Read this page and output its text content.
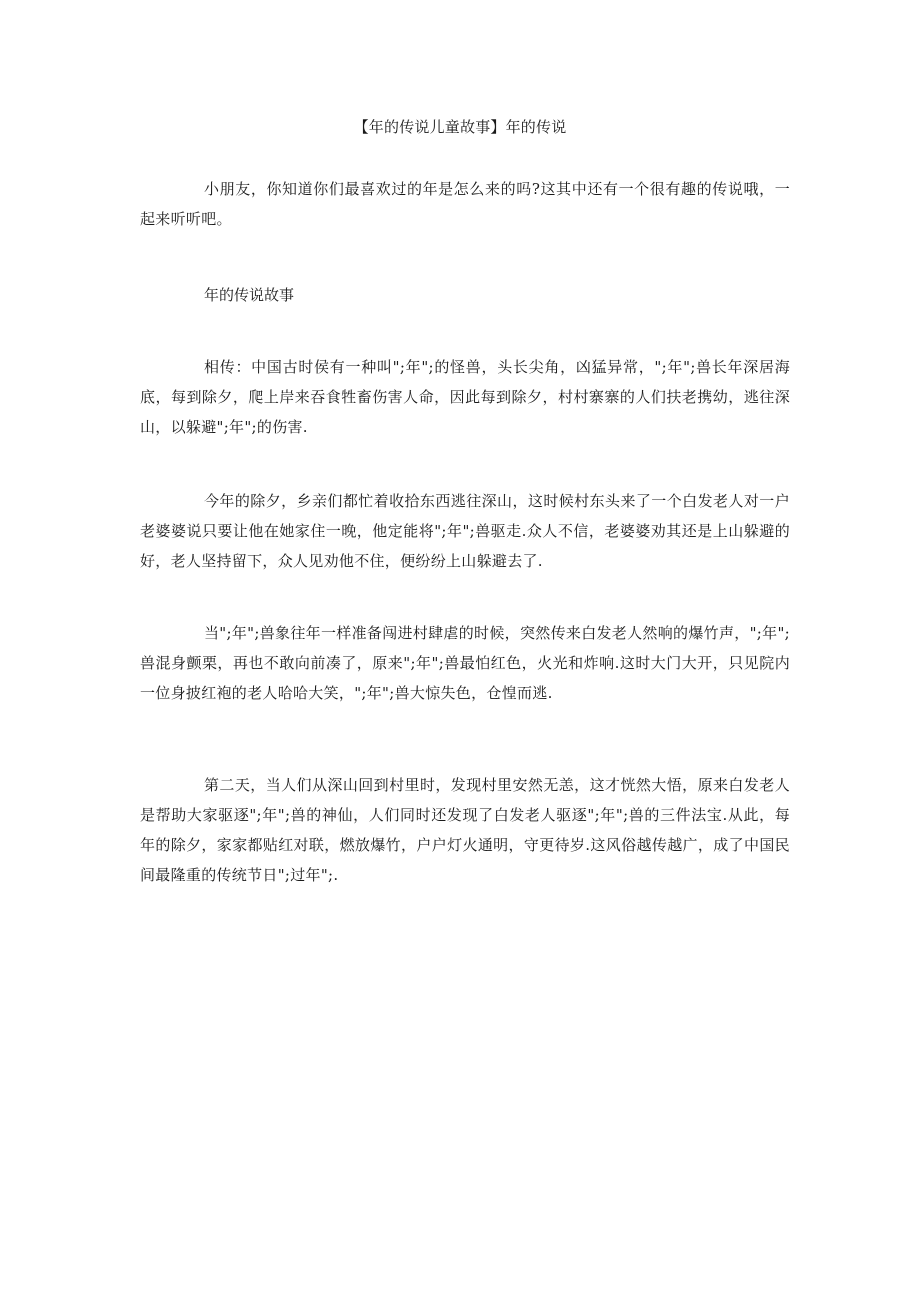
【年的传说儿童故事】年的传说

小朋友，你知道你们最喜欢过的年是怎么来的吗?这其中还有一个很有趣的传说哦，一起来听听吧。

年的传说故事

相传：中国古时侯有一种叫";年";的怪兽，头长尖角，凶猛异常，";年";兽长年深居海底，每到除夕，爬上岸来吞食牲畜伤害人命，因此每到除夕，村村寨寨的人们扶老携幼，逃往深山，以躲避";年";的伤害.

今年的除夕，乡亲们都忙着收拾东西逃往深山，这时候村东头来了一个白发老人对一户老婆婆说只要让他在她家住一晚，他定能将";年";兽驱走.众人不信，老婆婆劝其还是上山躲避的好，老人坚持留下，众人见劝他不住，便纷纷上山躲避去了.

当";年";兽象往年一样准备闯进村肆虐的时候，突然传来白发老人然响的爆竹声，";年";兽混身颤栗，再也不敢向前凑了，原来";年";兽最怕红色，火光和炸响.这时大门大开，只见院内一位身披红袍的老人哈哈大笑，";年";兽大惊失色，仓惶而逃.

第二天，当人们从深山回到村里时，发现村里安然无恙，这才恍然大悟，原来白发老人是帮助大家驱逐";年";兽的神仙，人们同时还发现了白发老人驱逐";年";兽的三件法宝.从此，每年的除夕，家家都贴红对联，燃放爆竹，户户灯火通明，守更待岁.这风俗越传越广，成了中国民间最隆重的传统节日";过年";.
